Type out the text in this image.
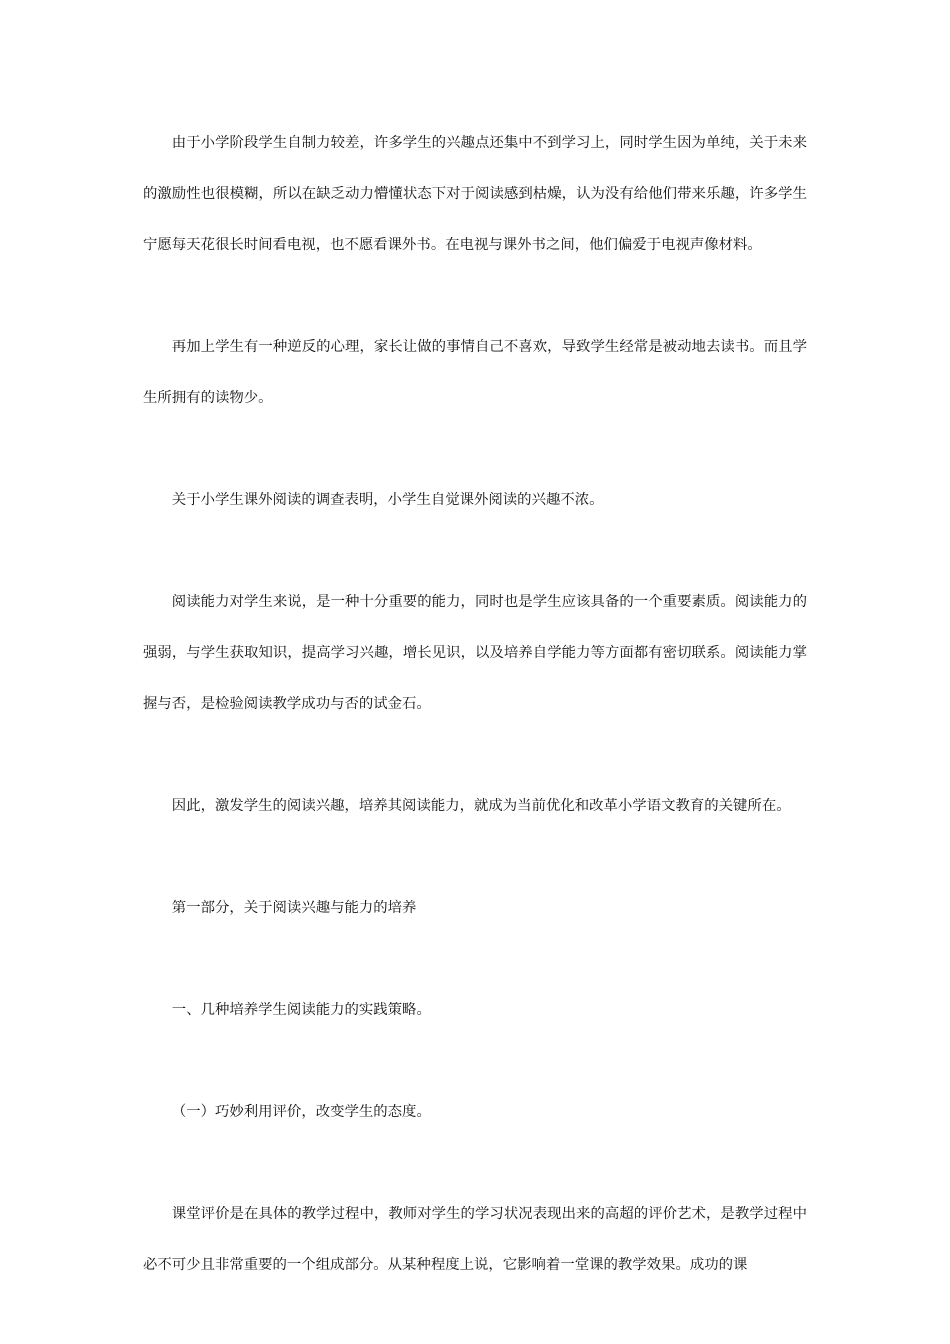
由于小学阶段学生自制力较差，许多学生的兴趣点还集中不到学习上，同时学生因为单纯，关于未来的激励性也很模糊，所以在缺乏动力懵懂状态下对于阅读感到枯燥，认为没有给他们带来乐趣，许多学生宁愿每天花很长时间看电视，也不愿看课外书。在电视与课外书之间，他们偏爱于电视声像材料。

再加上学生有一种逆反的心理，家长让做的事情自己不喜欢，导致学生经常是被动地去读书。而且学生所拥有的读物少。

关于小学生课外阅读的调查表明，小学生自觉课外阅读的兴趣不浓。

阅读能力对学生来说，是一种十分重要的能力，同时也是学生应该具备的一个重要素质。阅读能力的强弱，与学生获取知识，提高学习兴趣，增长见识，以及培养自学能力等方面都有密切联系。阅读能力掌握与否，是检验阅读教学成功与否的试金石。

因此，激发学生的阅读兴趣，培养其阅读能力，就成为当前优化和改革小学语文教育的关键所在。

第一部分，关于阅读兴趣与能力的培养

一、几种培养学生阅读能力的实践策略。

（一）巧妙利用评价，改变学生的态度。

课堂评价是在具体的教学过程中，教师对学生的学习状况表现出来的高超的评价艺术，是教学过程中必不可少且非常重要的一个组成部分。从某种程度上说，它影响着一堂课的教学效果。成功的课
